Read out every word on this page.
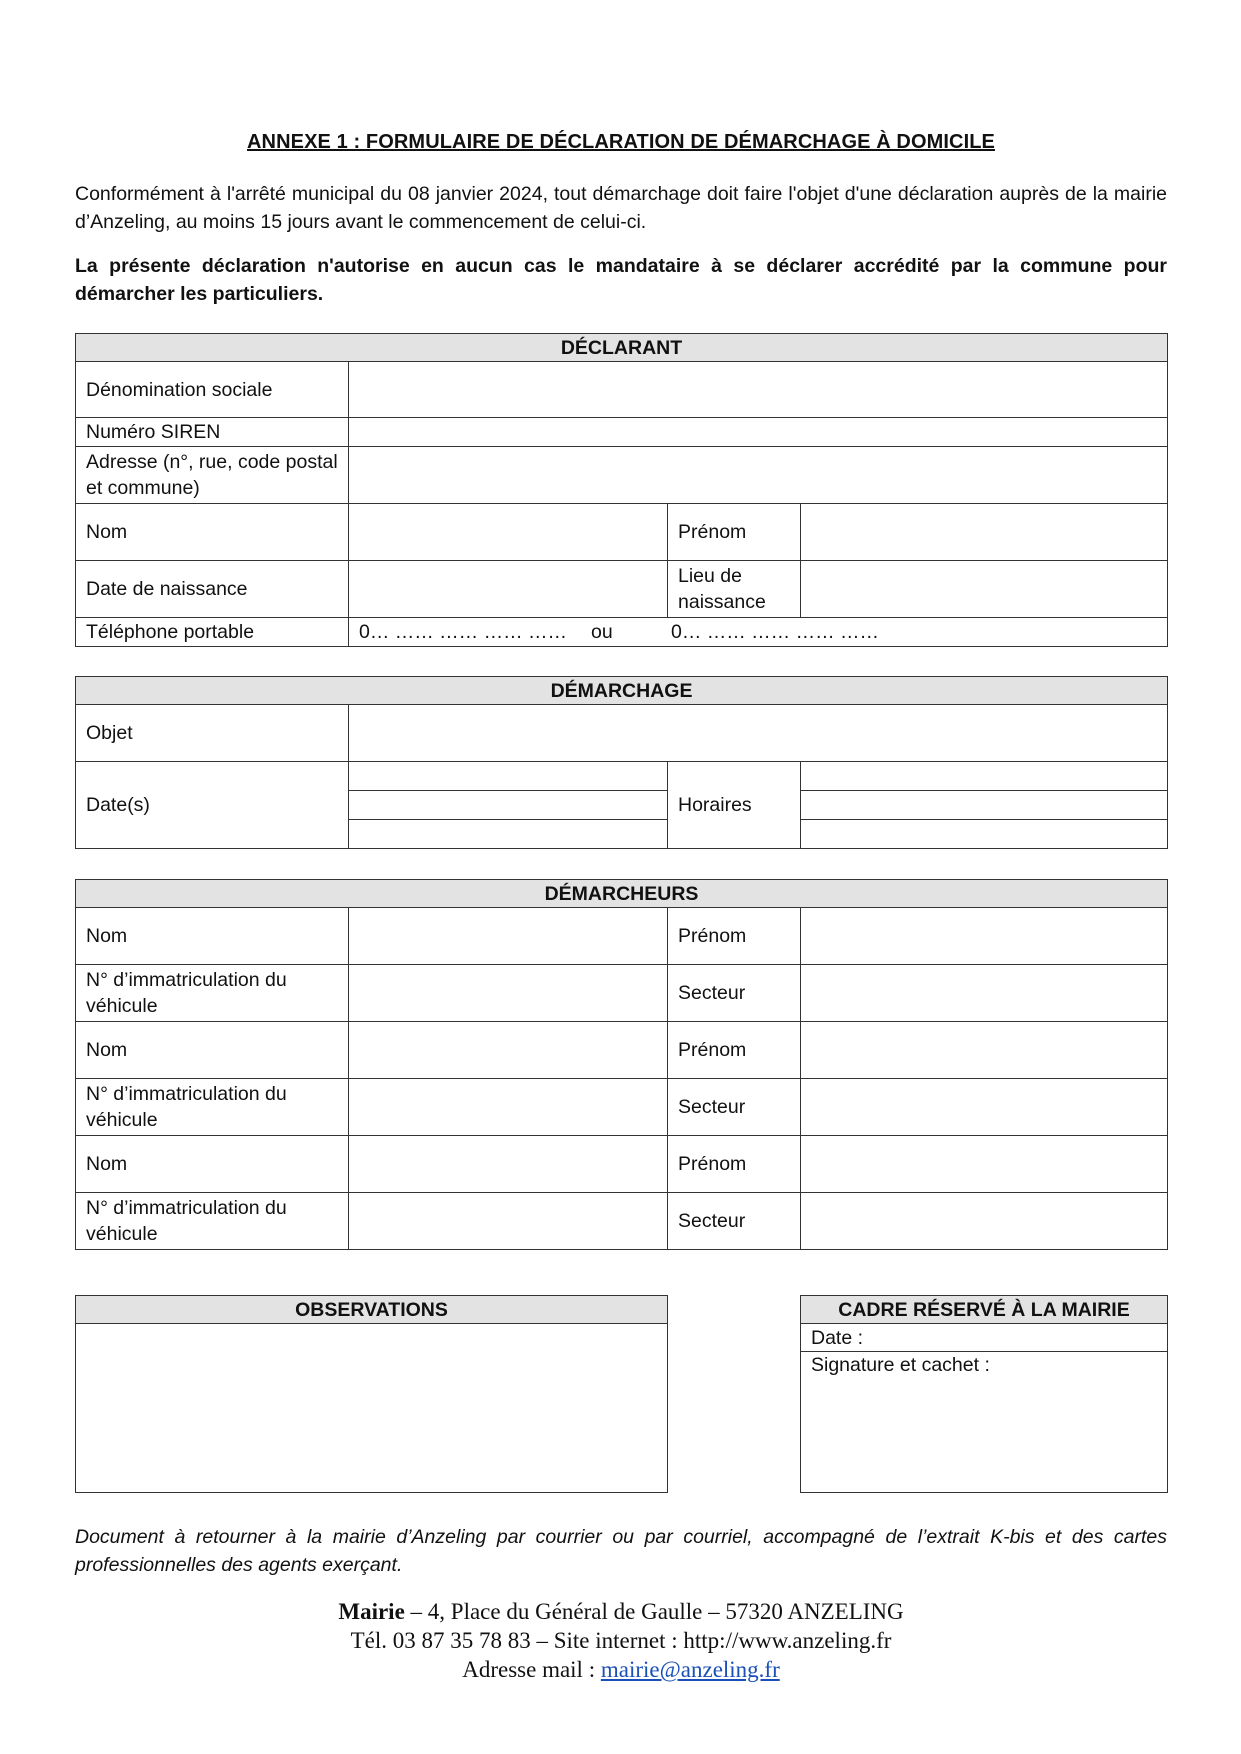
ANNEXE 1 : FORMULAIRE DE DÉCLARATION DE DÉMARCHAGE À DOMICILE
Conformément à l'arrêté municipal du 08 janvier 2024, tout démarchage doit faire l'objet d'une déclaration auprès de la mairie d’Anzeling, au moins 15 jours avant le commencement de celui-ci.
La présente déclaration n'autorise en aucun cas le mandataire à se déclarer accrédité par la commune pour démarcher les particuliers.
DÉCLARANT			
Dénomination sociale			
Numéro SIREN			
Adresse (n°, rue, code postal et commune)			
Nom		Prénom	
Date de naissance		Lieu de naissance	
Téléphone portable	0… …… …… …… …… ou 0… …… …… …… ……		
DÉMARCHAGE			
Objet			
Date(s)		Horaires	

DÉMARCHEURS			
Nom		Prénom	
N° d’immatriculation du véhicule		Secteur	
Nom		Prénom	
N° d’immatriculation du véhicule		Secteur	
Nom		Prénom	
N° d’immatriculation du véhicule		Secteur	
OBSERVATIONS	CADRE RÉSERVÉ À LA MAIRIE
Date :
Signature et cachet :
Document à retourner à la mairie d’Anzeling par courrier ou par courriel, accompagné de l’extrait K-bis et des cartes professionnelles des agents exerçant.
Mairie – 4, Place du Général de Gaulle – 57320 ANZELING
Tél. 03 87 35 78 83 – Site internet : http://www.anzeling.fr
Adresse mail : mairie@anzeling.fr
